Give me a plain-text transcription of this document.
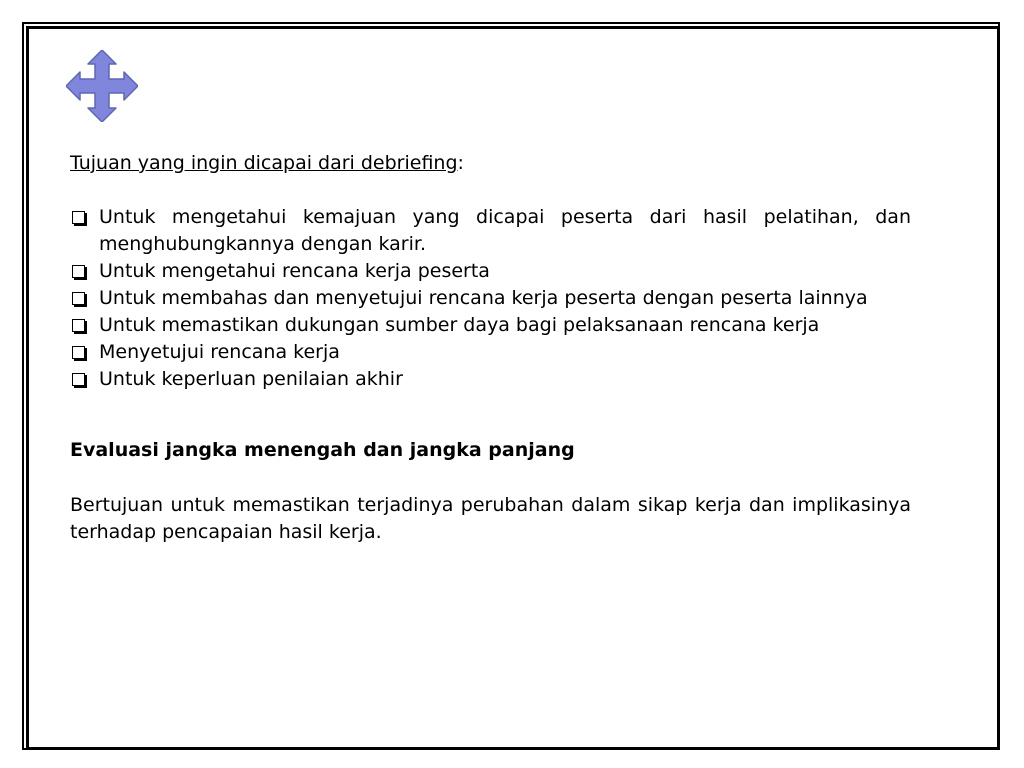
Tujuan yang ingin dicapai dari debriefing:

Untuk mengetahui kemajuan yang dicapai peserta dari hasil pelatihan, dan menghubungkannya dengan karir.
Untuk mengetahui rencana kerja peserta
Untuk membahas dan menyetujui rencana kerja peserta dengan peserta lainnya
Untuk memastikan dukungan sumber daya bagi pelaksanaan rencana kerja
Menyetujui rencana kerja
Untuk keperluan penilaian akhir

Evaluasi jangka menengah dan jangka panjang

Bertujuan untuk memastikan terjadinya perubahan dalam sikap kerja dan implikasinya terhadap pencapaian hasil kerja.
